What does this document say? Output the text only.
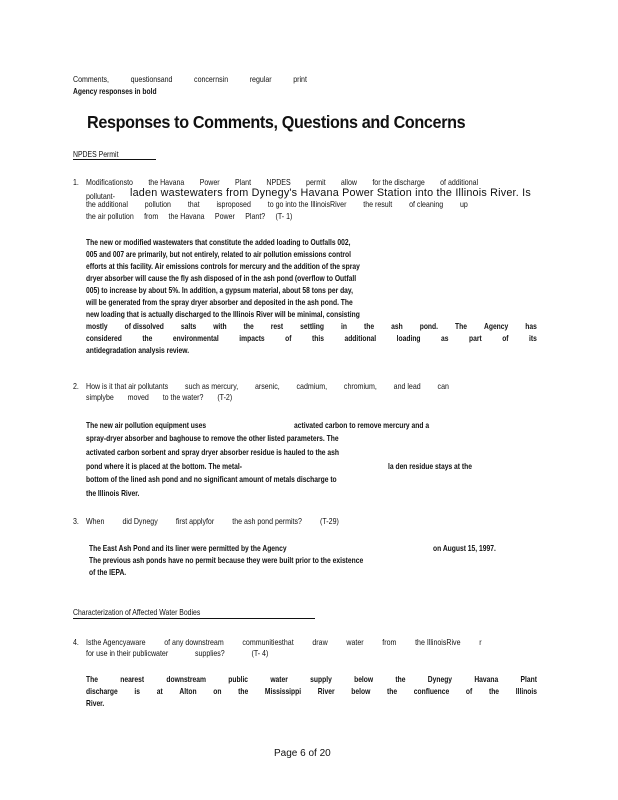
Comments,	questionsand	concernsin	regular	print
Agency responses in bold
Responses to Comments, Questions and Concerns
NPDES Permit
1. Modificationsto the Havana Power Plant NPDES permit allow for the discharge of additional
pollutant- laden wastewaters from Dynegy's Havana Power Station into the Illinois River. Is
the additional pollution that isproposed to go into the IllinoisRiver the result of cleaning up
the air pollution from the Havana Power Plant? (T- 1)
The new or modified wastewaters that constitute the added loading to Outfalls 002,
005 and 007 are primarily, but not entirely, related to air pollution emissions control
efforts at this facility. Air emissions controls for mercury and the addition of the spray
dryer absorber will cause the fly ash disposed of in the ash pond (overflow to Outfall
005) to increase by about 5%. In addition, a gypsum material, about 58 tons per day,
will be generated from the spray dryer absorber and deposited in the ash pond. The
new loading that is actually discharged to the Illinois River will be minimal, consisting
mostly of dissolved salts with the rest settling in the ash pond. The Agency has
considered	the	environmental	impacts	of	this	additional	loading	as	part	of	its
antidegradation analysis review.
2. How is it that air pollutants such as mercury, arsenic, cadmium, chromium, and lead can
simplybe moved to the water? (T-2)
The new air pollution equipment uses	activated carbon to remove mercury and a
spray-dryer absorber and baghouse to remove the other listed parameters. The
activated carbon sorbent and spray dryer absorber residue is hauled to the ash
pond where it is placed at the bottom. The metal-	la den residue stays at the
bottom of the lined ash pond and no significant amount of metals discharge to
the Illinois River.
3. When did Dynegy first applyfor the ash pond permits? (T-29)
The East Ash Pond and its liner were permitted by the Agency	on August 15, 1997.
The previous ash ponds have no permit because they were built prior to the existence
of the IEPA.
Characterization of Affected Water Bodies
4. Isthe Agencyaware of any downstream communitiesthat draw water from the IllinoisRive r
for use in their publicwater	supplies?	(T- 4)
The	nearest	downstream	public	water	supply	below	the	Dynegy	Havana	Plant
discharge is at Alton on the Mississippi River below the confluence of the Illinois
River.
Page 6 of 20
